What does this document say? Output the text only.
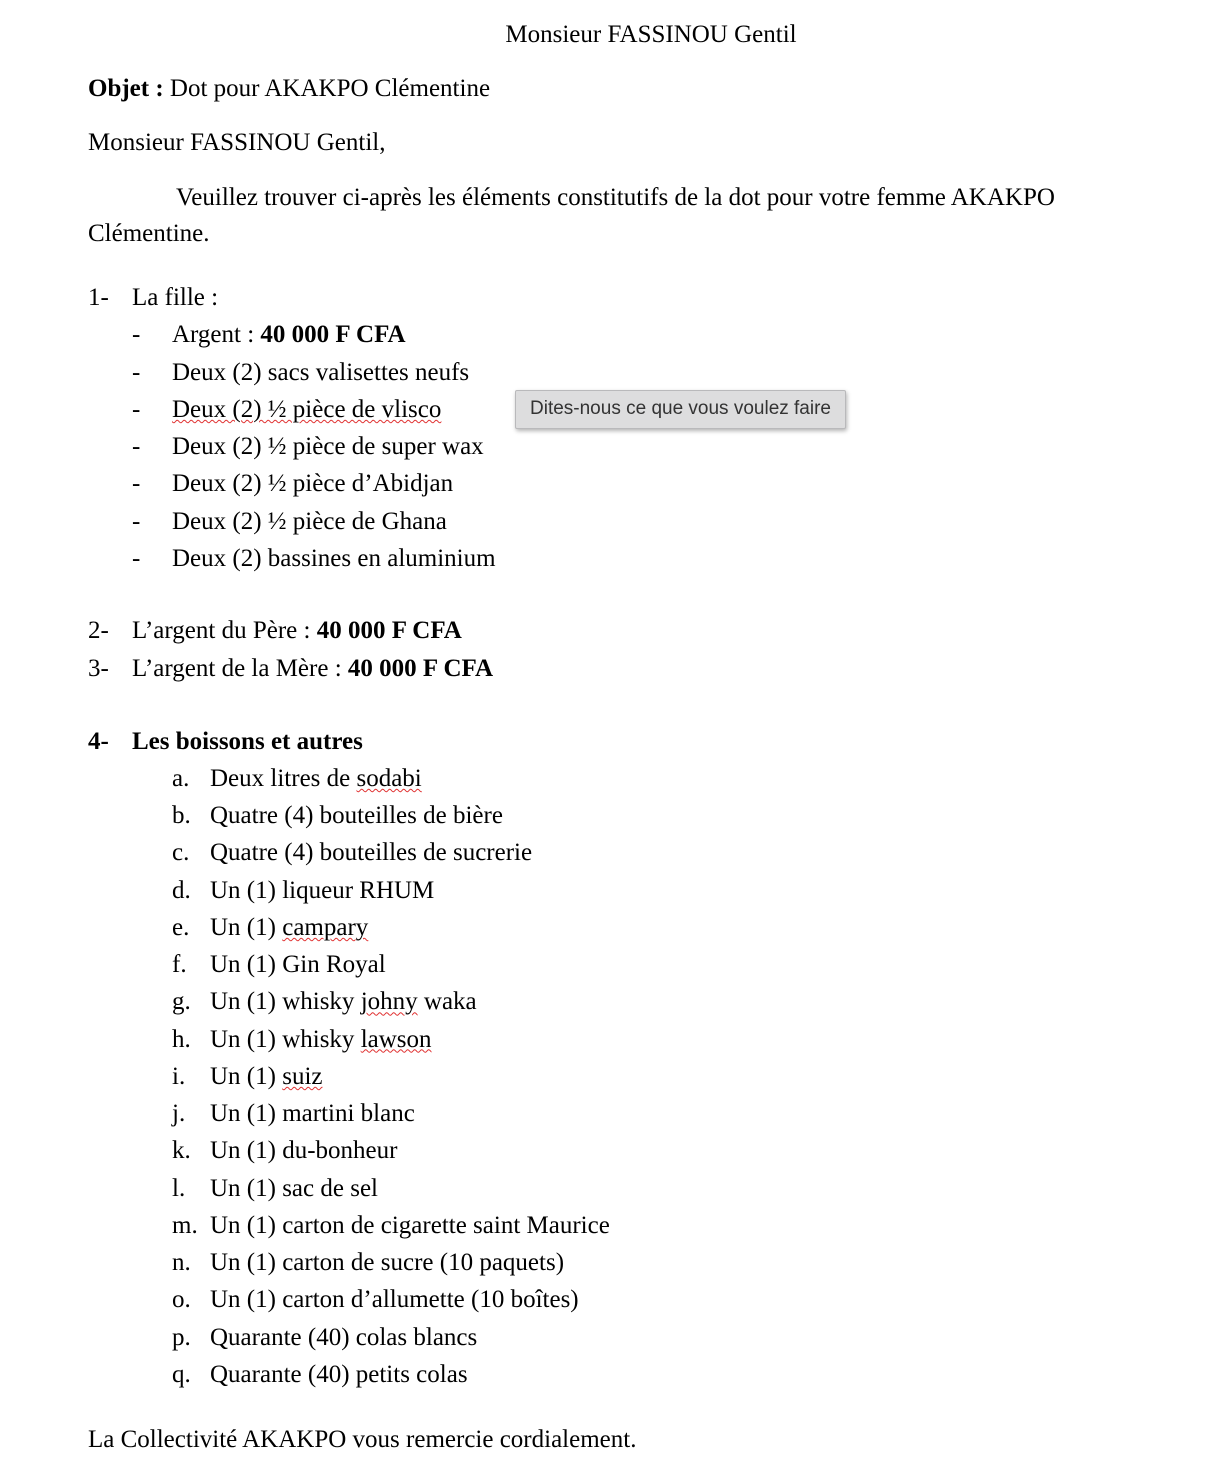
Monsieur FASSINOU Gentil
Objet : Dot pour AKAKPO Clémentine
Monsieur FASSINOU Gentil,
Veuillez trouver ci-après les éléments constitutifs de la dot pour votre femme AKAKPO Clémentine.
1- La fille :
-	Argent : 40 000 F CFA
-	Deux (2) sacs valisettes neufs
-	Deux (2) ½ pièce de vlisco
-	Deux (2) ½ pièce de super wax
-	Deux (2) ½ pièce d’Abidjan
-	Deux (2) ½ pièce de Ghana
-	Deux (2) bassines en aluminium
2- L’argent du Père : 40 000 F CFA
3- L’argent de la Mère : 40 000 F CFA
4- Les boissons et autres
a. Deux litres de sodabi
b. Quatre (4) bouteilles de bière
c. Quatre (4) bouteilles de sucrerie
d. Un (1) liqueur RHUM
e. Un (1) campary
f. Un (1) Gin Royal
g. Un (1) whisky johny waka
h. Un (1) whisky lawson
i. Un (1) suiz
j. Un (1) martini blanc
k. Un (1) du-bonheur
l. Un (1) sac de sel
m. Un (1) carton de cigarette saint Maurice
n. Un (1) carton de sucre (10 paquets)
o. Un (1) carton d’allumette (10 boîtes)
p. Quarante (40) colas blancs
q. Quarante (40) petits colas
La Collectivité AKAKPO vous remercie cordialement.
Dites-nous ce que vous voulez faire
